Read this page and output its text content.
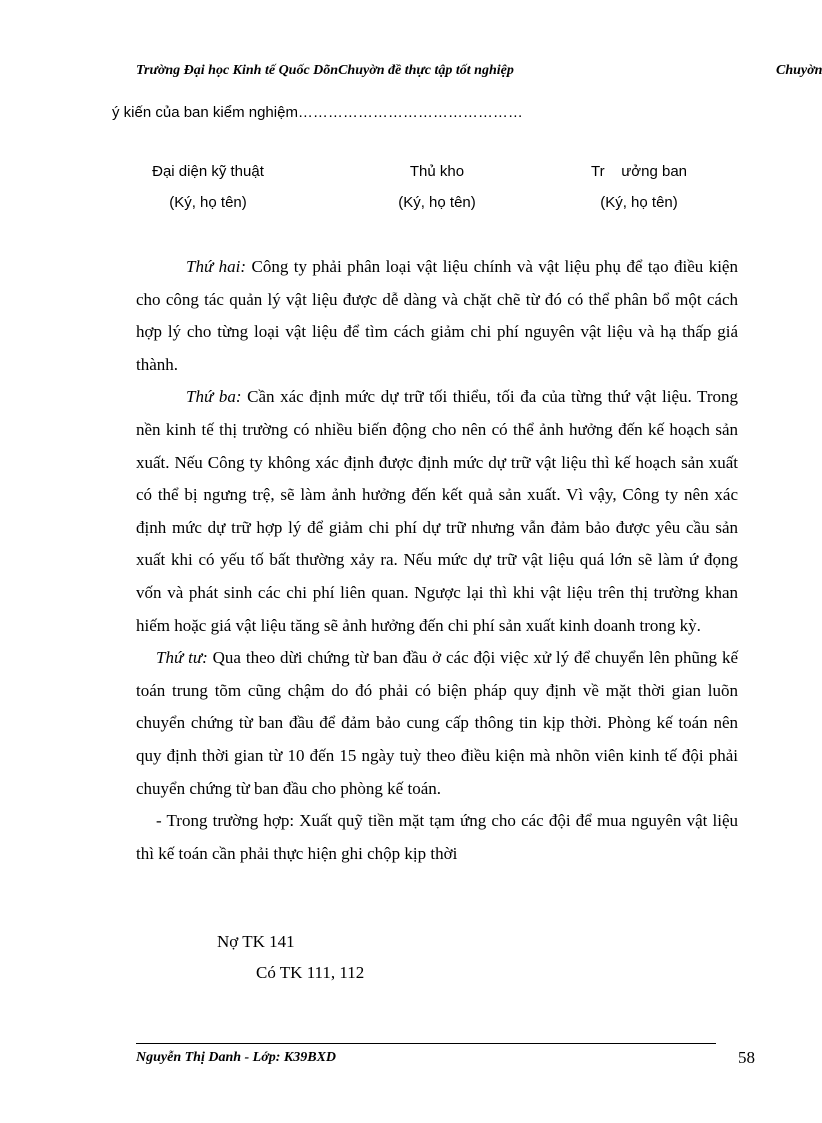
Trường Đại học Kinh tế Quốc DõnChuyờn đề thực tập tốt nghiệp	Chuyờn
ý kiến của ban kiểm nghiệm………………………………………
Đại diện kỹ thuật
(Ký, họ tên)
Thủ kho
(Ký, họ tên)
Tr    ưởng ban
(Ký, họ tên)

Thứ hai: Công ty phải phân loại vật liệu chính và vật liệu phụ để tạo điều kiện cho công tác quản lý vật liệu được dễ dàng và chặt chẽ từ đó có thể phân bổ một cách hợp lý cho từng loại vật liệu để tìm cách giảm chi phí nguyên vật liệu và hạ thấp giá thành.

Thứ ba: Cần xác định mức dự trữ tối thiểu, tối đa của từng thứ vật liệu. Trong nền kinh tế thị trường có nhiều biến động cho nên có thể ảnh hưởng đến kế hoạch sản xuất. Nếu Công ty không xác định được định mức dự trữ vật liệu thì kế hoạch sản xuất có thể bị ngưng trệ, sẽ làm ảnh hưởng đến kết quả sản xuất. Vì vậy, Công ty nên xác định mức dự trữ hợp lý để giảm chi phí dự trữ nhưng vẫn đảm bảo được yêu cầu sản xuất khi có yếu tố bất thường xảy ra. Nếu mức dự trữ vật liệu quá lớn sẽ làm ứ đọng vốn và phát sinh các chi phí liên quan. Ngược lại thì khi vật liệu trên thị trường khan hiếm hoặc giá vật liệu tăng sẽ ảnh hưởng đến chi phí sản xuất kinh doanh trong kỳ.

Thứ tư: Qua theo dừi chứng từ ban đầu ở các đội việc xử lý để chuyển lên phũng kế toán trung tõm cũng chậm do đó phải có biện pháp quy định về mặt thời gian luõn chuyển chứng từ ban đầu để đảm bảo cung cấp thông tin kịp thời. Phòng kế toán nên quy định thời gian từ 10 đến 15 ngày tuỳ theo điều kiện mà nhõn viên kinh tế đội phải chuyển chứng từ ban đầu cho phòng kế toán.

- Trong trường hợp: Xuất quỹ tiền mặt tạm ứng cho các đội để mua nguyên vật liệu thì kế toán cần phải thực hiện ghi chộp kịp thời

Nợ TK 141
Có TK 111, 112
Nguyễn Thị Danh - Lớp: K39BXD	58
